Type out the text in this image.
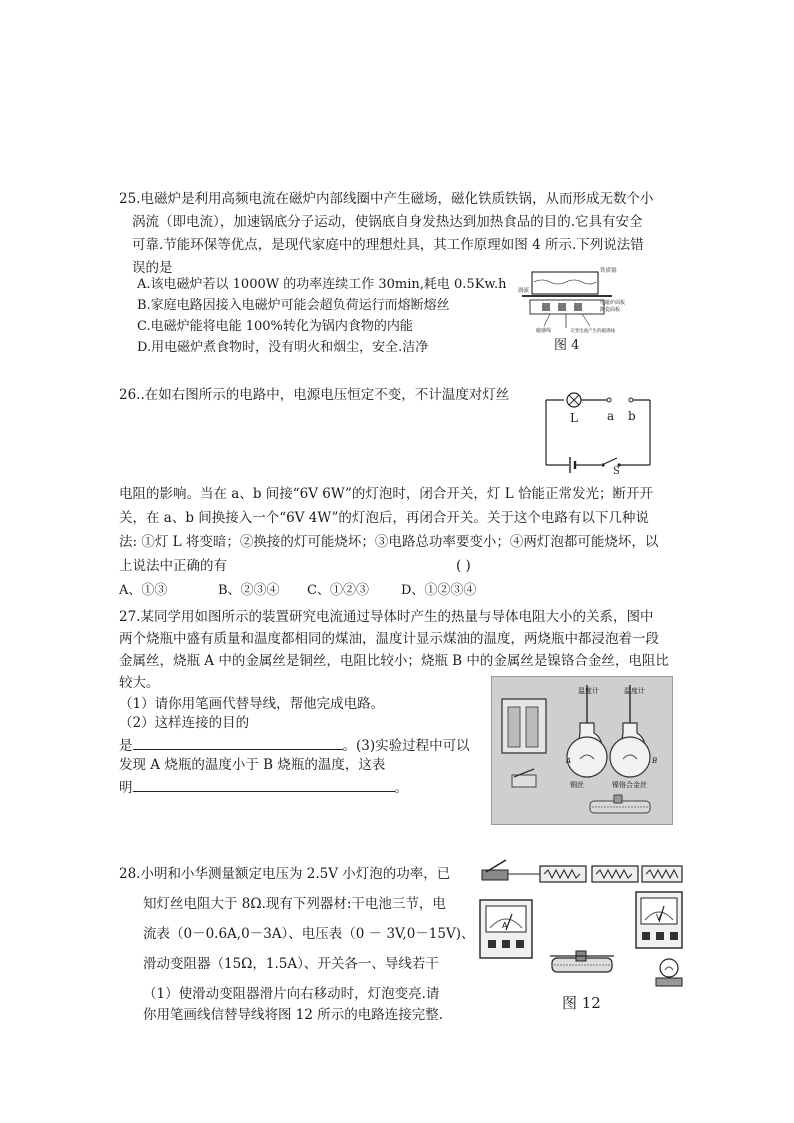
25.电磁炉是利用高频电流在磁炉内部线圈中产生磁场，磁化铁质铁锅，从而形成无数个小
涡流（即电流），加速锅底分子运动，使锅底自身发热达到加热食品的目的.它具有安全
可靠.节能环保等优点，是现代家庭中的理想灶具，其工作原理如图 4 所示.下列说法错
误的是
A.该电磁炉若以 1000W 的功率连续工作 30min,耗电 0.5Kw.h
B.家庭电路因接入电磁炉可能会超负荷运行而熔断熔丝
C.电磁炉能将电能 100%转化为锅内食物的内能
D.用电磁炉煮食物时，没有明火和烟尘，安全.洁净
铁质锅
涡流
电磁炉面板
陶瓷面板
磁感线	交变电流产生的磁感线
图 4
26..在如右图所示的电路中，电源电压恒定不变，不计温度对灯丝
L a b
S
电阻的影响。当在 a、b 间接“6V 6W”的灯泡时，闭合开关，灯 L 恰能正常发光；断开开
关，在 a、b 间换接入一个“6V 4W”的灯泡后，再闭合开关。关于这个电路有以下几种说
法: ①灯 L 将变暗；②换接的灯可能烧坏；③电路总功率要变小；④两灯泡都可能烧坏，以
上说法中正确的有	( )
A、①③	B、②③④ C、①②③ D、①②③④
27.某同学用如图所示的装置研究电流通过导体时产生的热量与导体电阻大小的关系，图中
两个烧瓶中盛有质量和温度都相同的煤油，温度计显示煤油的温度，两烧瓶中都浸泡着一段
金属丝，烧瓶 A 中的金属丝是铜丝，电阻比较小；烧瓶 B 中的金属丝是镍铬合金丝，电阻比
较大。
（1）请你用笔画代替导线，帮他完成电路。
（2）这样连接的目的
是	。(3)实验过程中可以
发现 A 烧瓶的温度小于 B 烧瓶的温度，这表
明	。
温度计	温度计
铜丝	镍铬合金丝
A	B
28.小明和小华测量额定电压为 2.5V 小灯泡的功率，已
知灯丝电阻大于 8Ω.现有下列器材:干电池三节，电
流表（0－0.6A,0－3A）、电压表（0 － 3V,0－15V)、
滑动变阻器（15Ω，1.5A）、开关各一、导线若干
（1）使滑动变阻器滑片向右移动时，灯泡变亮.请
你用笔画线信替导线将图 12 所示的电路连接完整.
A
V
图 12
